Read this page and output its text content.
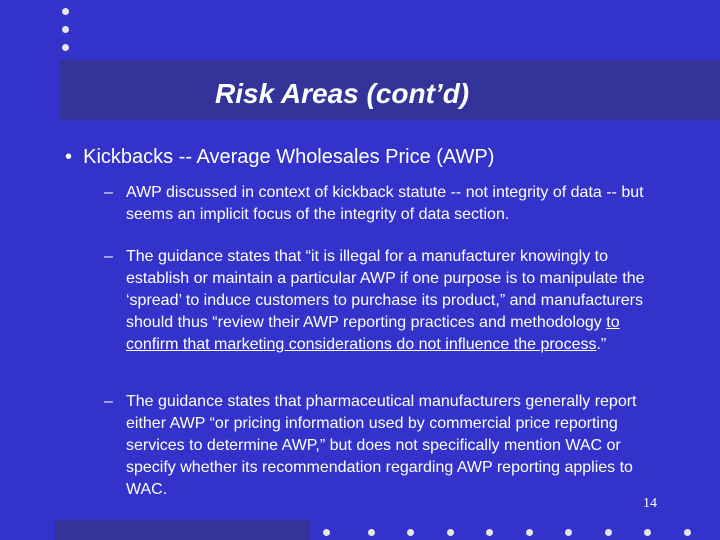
Risk Areas (cont’d)
• Kickbacks -- Average Wholesales Price (AWP)
– AWP discussed in context of kickback statute -- not integrity of data -- but seems an implicit focus of the integrity of data section.
– The guidance states that “it is illegal for a manufacturer knowingly to establish or maintain a particular AWP if one purpose is to manipulate the ‘spread’ to induce customers to purchase its product,” and manufacturers should thus “review their AWP reporting practices and methodology to confirm that marketing considerations do not influence the process.”
– The guidance states that pharmaceutical manufacturers generally report either AWP “or pricing information used by commercial price reporting services to determine AWP,” but does not specifically mention WAC or specify whether its recommendation regarding AWP reporting applies to WAC.
14
